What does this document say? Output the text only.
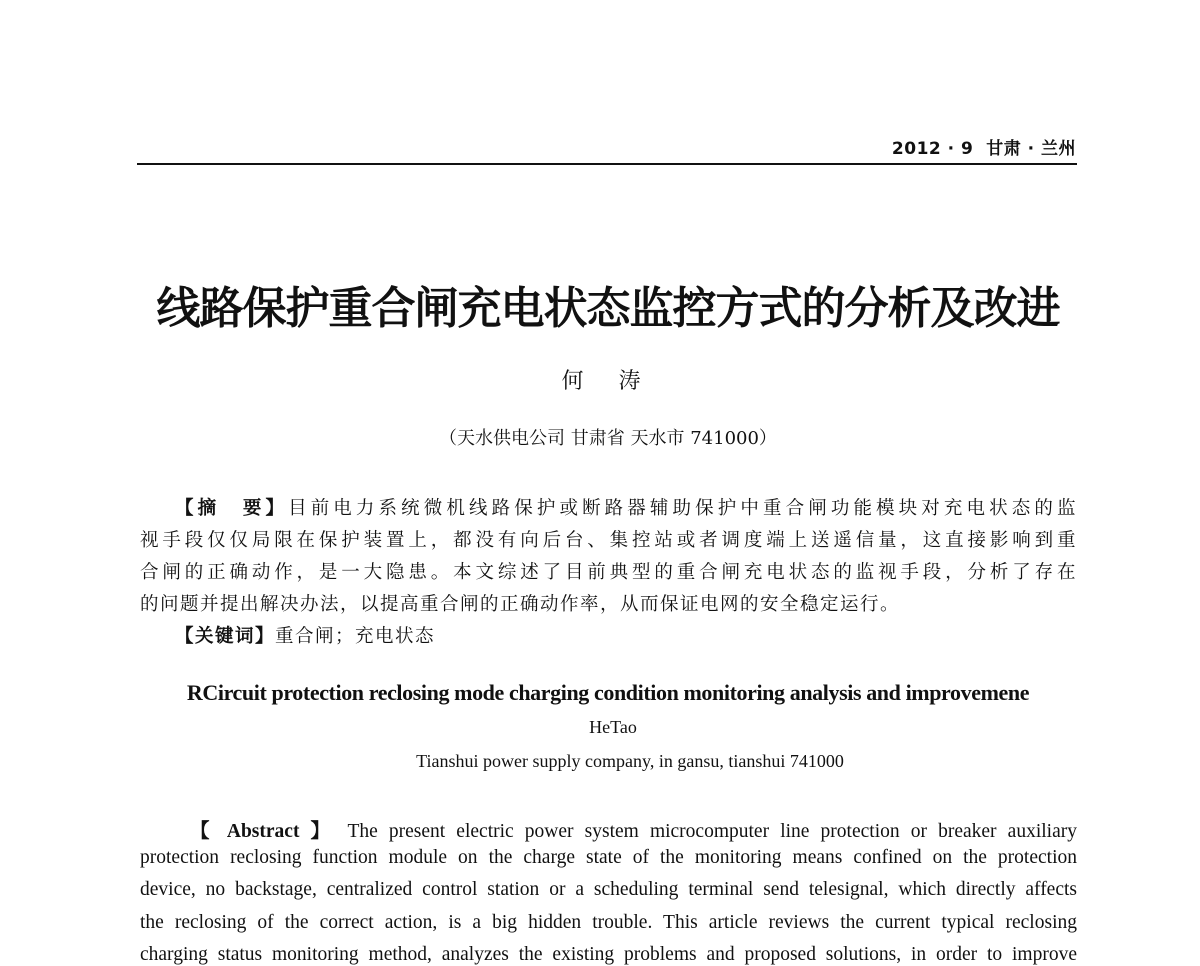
2012 · 9 甘肃 · 兰州
线路保护重合闸充电状态监控方式的分析及改进
何 涛
（天水供电公司 甘肃省 天水市 741000）
【摘　要】目前电力系统微机线路保护或断路器辅助保护中重合闸功能模块对充电状态的监
视手段仅仅局限在保护装置上，都没有向后台、集控站或者调度端上送遥信量，这直接影响到重
合闸的正确动作，是一大隐患。本文综述了目前典型的重合闸充电状态的监视手段，分析了存在
的问题并提出解决办法，以提高重合闸的正确动作率，从而保证电网的安全稳定运行。
【关键词】重合闸；充电状态
RCircuit protection reclosing mode charging condition monitoring analysis and improvemene
HeTao
Tianshui power supply company, in gansu, tianshui 741000
【 Abstract 】 The present electric power system microcomputer line protection or breaker auxiliary
protection reclosing function module on the charge state of the monitoring means confined on the protection
device, no backstage, centralized control station or a scheduling terminal send telesignal, which directly affects
the reclosing of the correct action, is a big hidden trouble. This article reviews the current typical reclosing
charging status monitoring method, analyzes the existing problems and proposed solutions, in order to improve
